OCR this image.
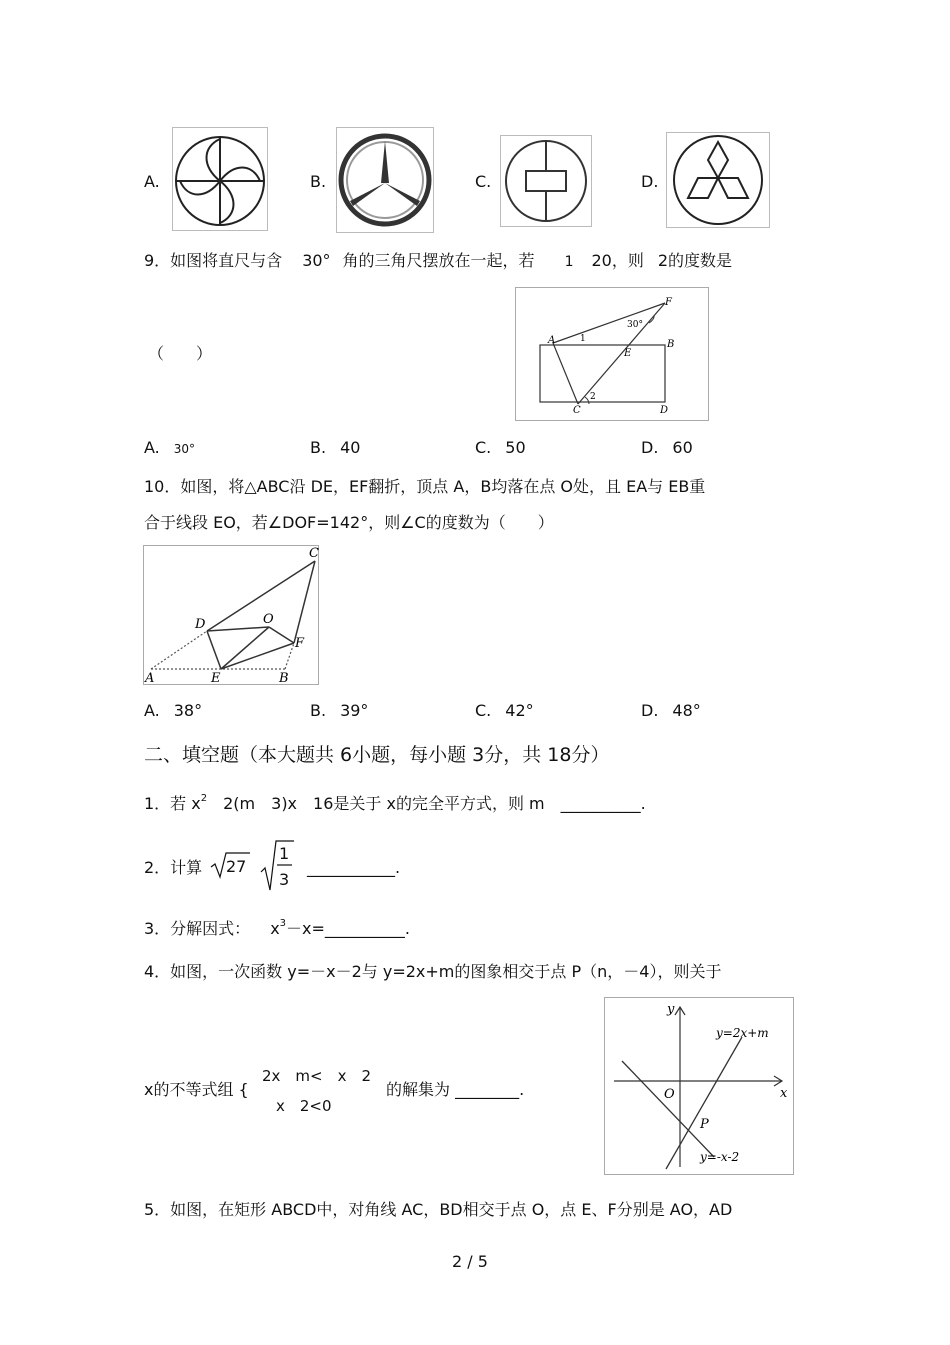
A.	B.	C.	D.
9．如图将直尺与含 30° 角的三角尺摆放在一起，若 1 20，则 2的度数是
（　　）
F
30°
A	1	B
E
2
C	D
A. 30°	B. 40	C. 50	D. 60
10．如图，将△ABC沿 DE，EF翻折，顶点 A，B均落在点 O处，且 EA与 EB重
合于线段 EO，若∠DOF=142°，则∠C的度数为（　　）
C
D	O
F
A	E	B
A. 38°	B. 39°	C. 42°	D. 48°
二、填空题（本大题共 6小题，每小题 3分，共 18分）
1．若 $x^2$ 2(m　3)x　16是关于 x的完全平方式，则 m　__________.
2．计算 27
1
3
___________.
3．分解因式： $x^3-x=\_\_\_\_\_\_\_\_\_\_$.
4．如图，一次函数 y=－x－2与 y=2x+m的图象相交于点 P（n，－4），则关于
x的不等式组 {
2x　m<　x　2
x　2<0
的解集为 ________.
y
x
O
P
y=2x+m
y=-x-2
5．如图，在矩形 ABCD中，对角线 AC，BD相交于点 O，点 E、F分别是 AO，AD
2 / 5
